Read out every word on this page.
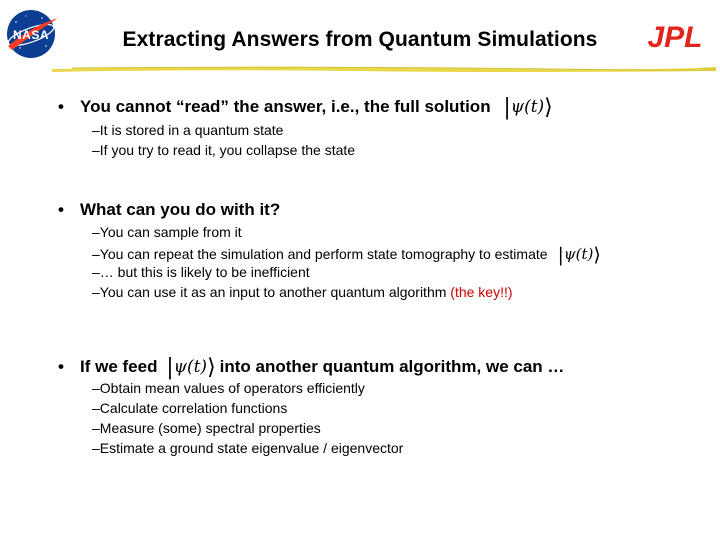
NASA	JPL
Extracting Answers from Quantum Simulations
• You cannot “read” the answer, i.e., the full solution |ψ(t)⟩
–It is stored in a quantum state
–If you try to read it, you collapse the state
• What can you do with it?
–You can sample from it
–You can repeat the simulation and perform state tomography to estimate |ψ(t)⟩
–… but this is likely to be inefficient
–You can use it as an input to another quantum algorithm (the key!!)
• If we feed |ψ(t)⟩ into another quantum algorithm, we can …
–Obtain mean values of operators efficiently
–Calculate correlation functions
–Measure (some) spectral properties
–Estimate a ground state eigenvalue / eigenvector
